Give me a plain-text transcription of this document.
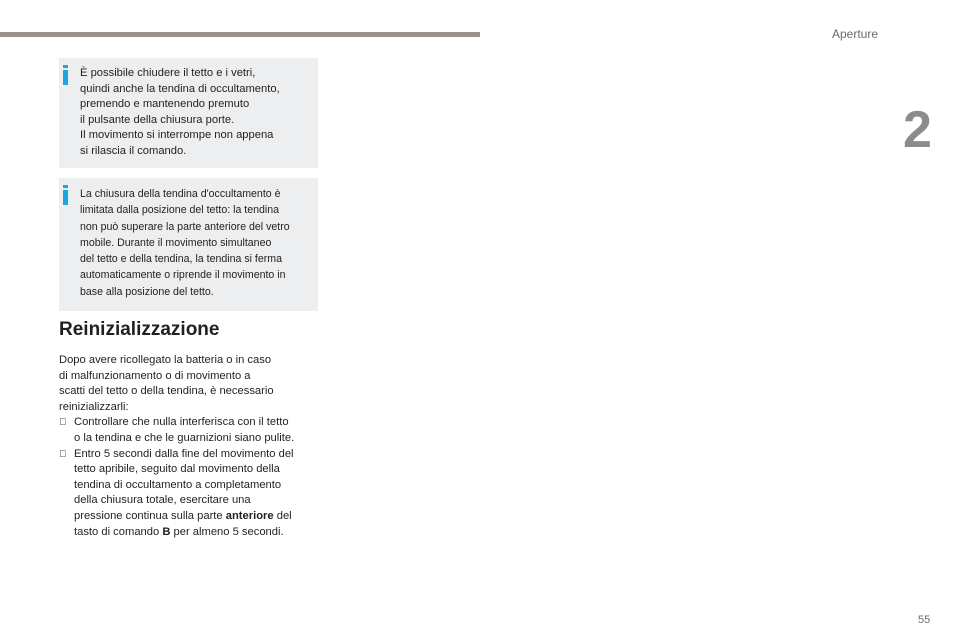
Aperture
2
È possibile chiudere il tetto e i vetri,
quindi anche la tendina di occultamento,
premendo e mantenendo premuto
il pulsante della chiusura porte.
Il movimento si interrompe non appena
si rilascia il comando.
La chiusura della tendina d'occultamento è
limitata dalla posizione del tetto: la tendina
non può superare la parte anteriore del vetro
mobile. Durante il movimento simultaneo
del tetto e della tendina, la tendina si ferma
automaticamente o riprende il movimento in
base alla posizione del tetto.
Reinizializzazione
Dopo avere ricollegato la batteria o in caso
di malfunzionamento o di movimento a
scatti del tetto o della tendina, è necessario
reinizializzarli:
Controllare che nulla interferisca con il tetto
o la tendina e che le guarnizioni siano pulite.
Entro 5 secondi dalla fine del movimento del
tetto apribile, seguito dal movimento della
tendina di occultamento a completamento
della chiusura totale, esercitare una
pressione continua sulla parte anteriore del
tasto di comando B per almeno 5 secondi.
55
